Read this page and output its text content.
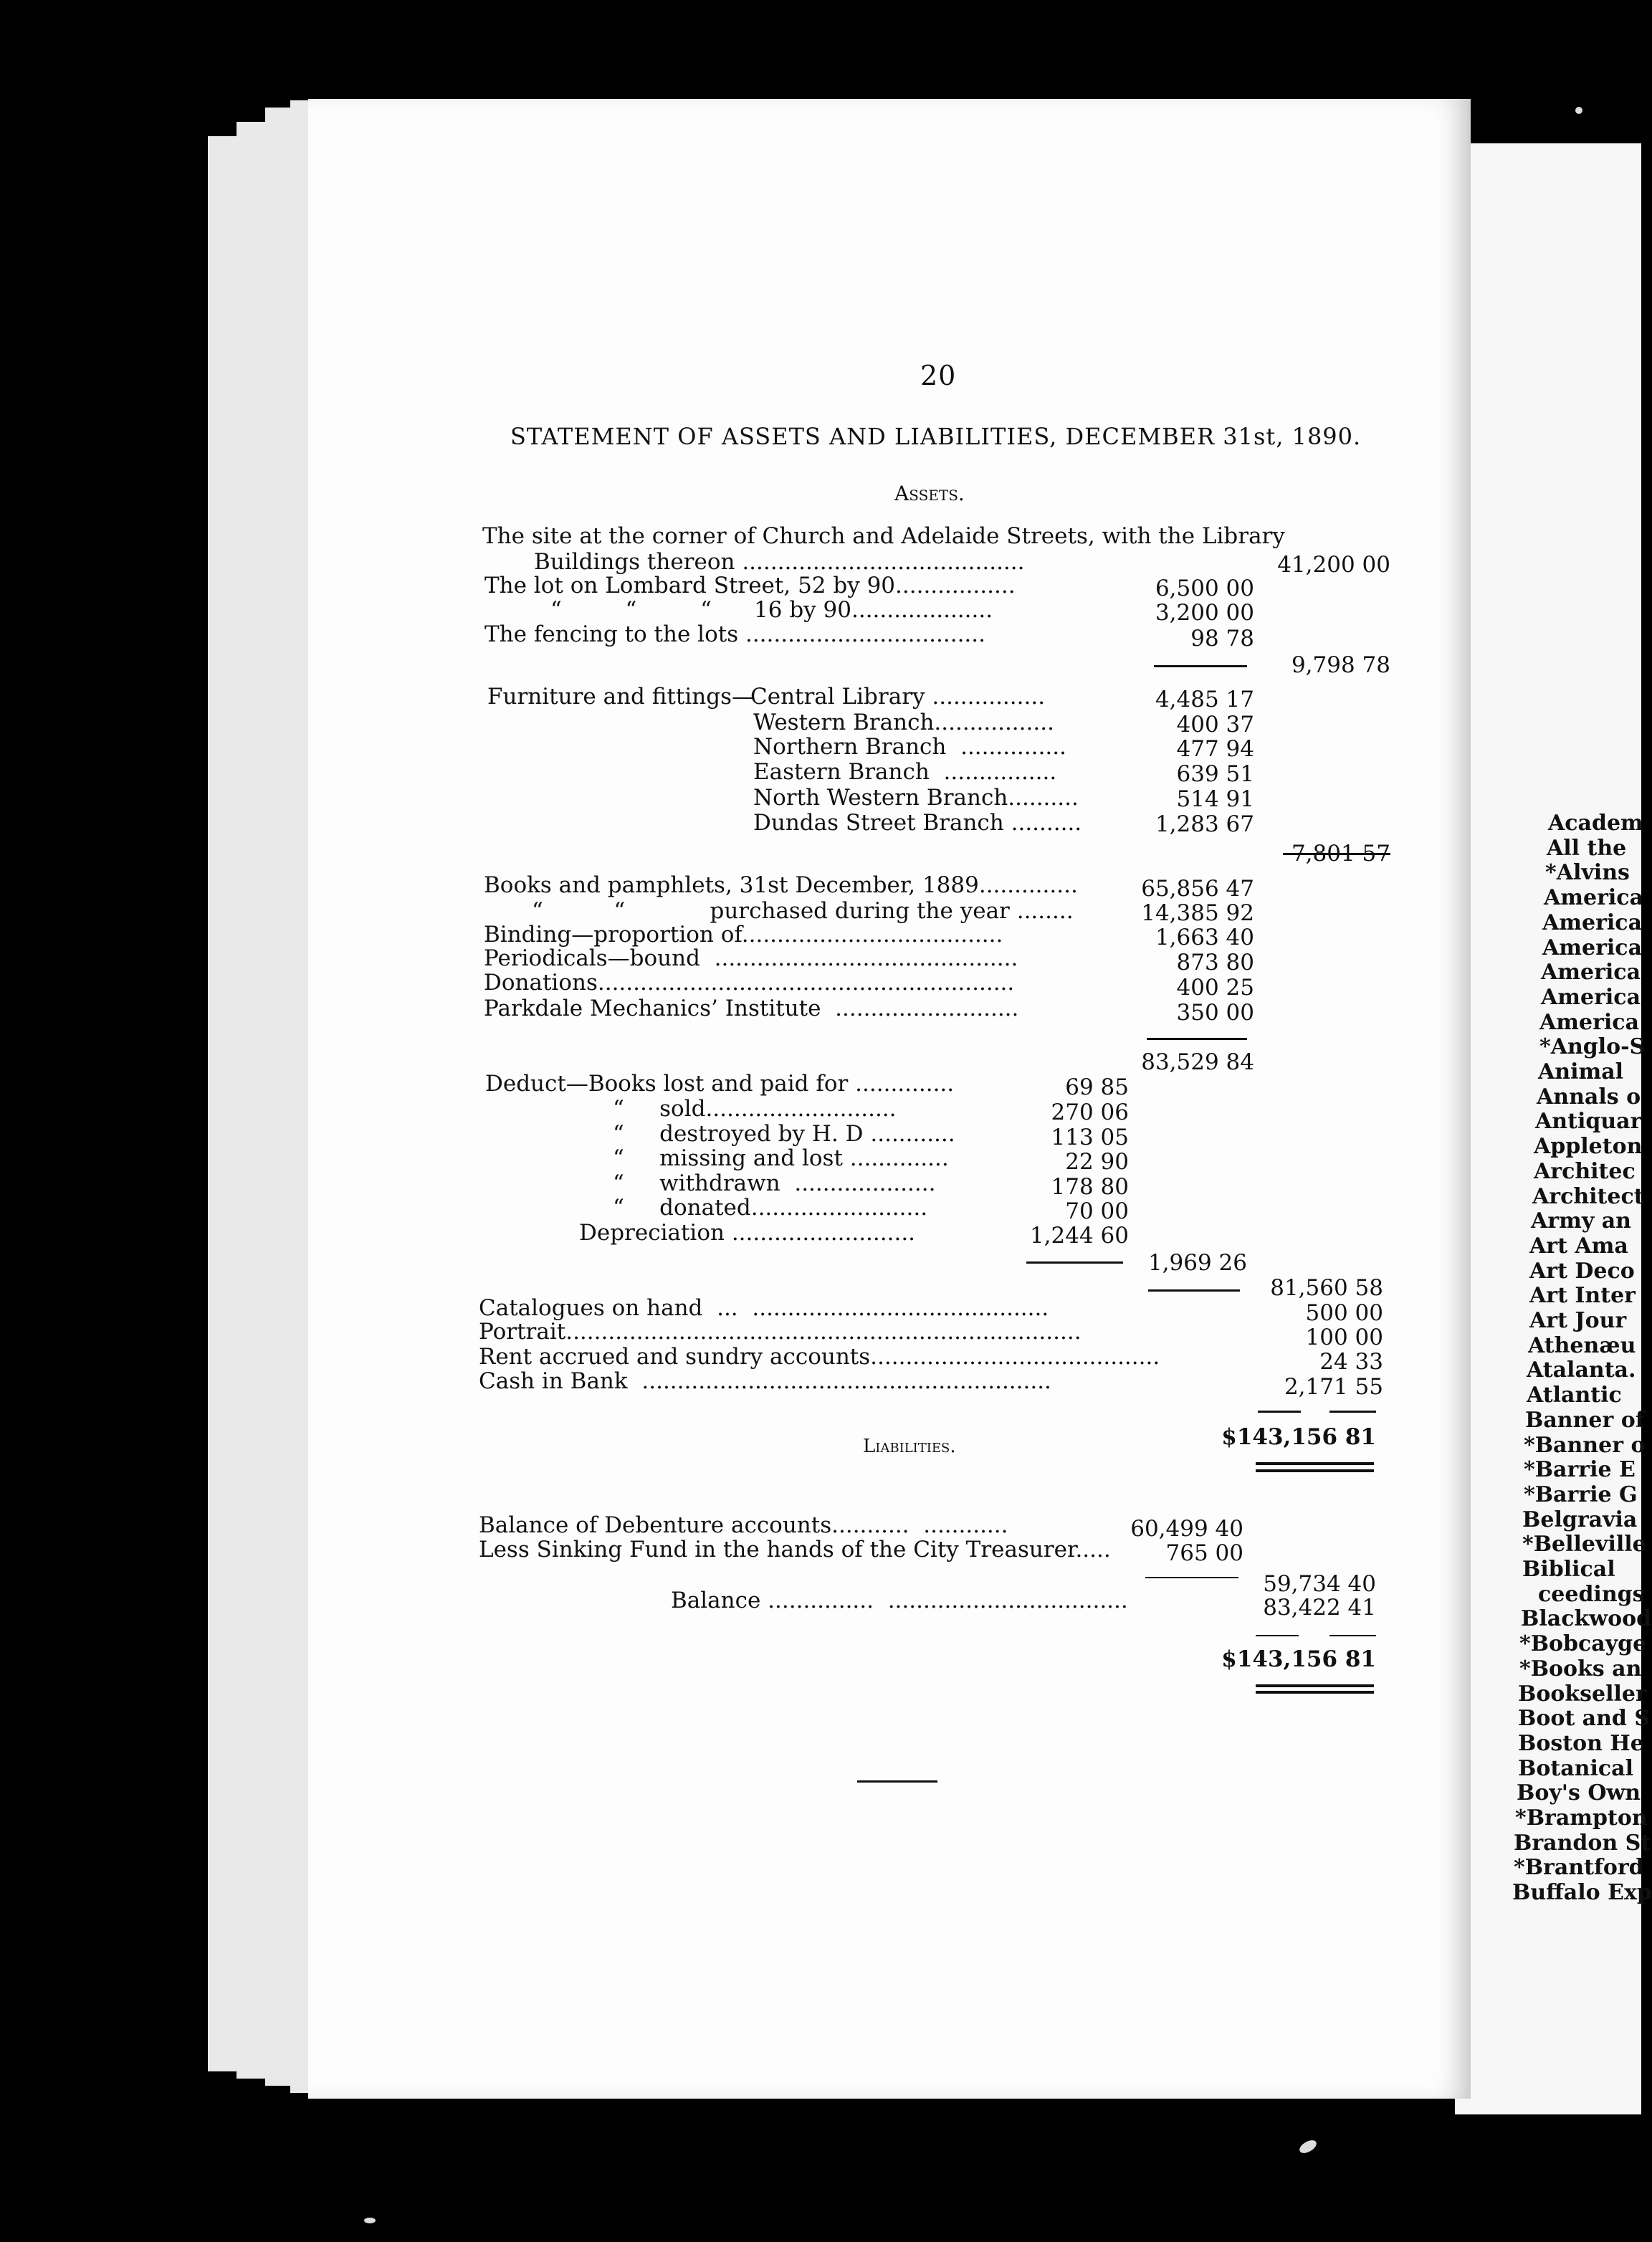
20
STATEMENT OF ASSETS AND LIABILITIES, DECEMBER 31st, 1890.
Assets.
The site at the corner of Church and Adelaide Streets, with the Library
Buildings thereon ........................................	41,200 00
The lot on Lombard Street, 52 by 90.................	6,500 00
“         “         “      16 by 90....................	3,200 00
The fencing to the lots ..................................	98 78
9,798 78
Furniture and fittings—
Central Library ................	4,485 17
Western Branch.................	400 37
Northern Branch  ...............	477 94
Eastern Branch  ................	639 51
North Western Branch..........	514 91
Dundas Street Branch ..........	1,283 67
7,801 57
Books and pamphlets, 31st December, 1889..............	65,856 47
“          “            purchased during the year ........	14,385 92
Binding—proportion of.....................................	1,663 40
Periodicals—bound  ...........................................	873 80
Donations...........................................................	400 25
Parkdale Mechanics’ Institute  ..........................	350 00
83,529 84
Deduct—Books lost and paid for ..............	69 85
“     sold...........................	270 06
“     destroyed by H. D ............	113 05
“     missing and lost ..............	22 90
“     withdrawn  ....................	178 80
“     donated.........................	70 00
Depreciation ..........................	1,244 60
1,969 26
81,560 58
Catalogues on hand  ...  ..........................................	500 00
Portrait.........................................................................	100 00
Rent accrued and sundry accounts.........................................	24 33
Cash in Bank  ..........................................................	2,171 55
$143,156 81
Liabilities.
Balance of Debenture accounts...........  ............	60,499 40
Less Sinking Fund in the hands of the City Treasurer.....	765 00
59,734 40
Balance ...............  ..................................	83,422 41
$143,156 81
Academ
All the
*Alvins
America
America
America
America
America
America
*Anglo-S
Animal
Annals o
Antiquar
Appleton
Architec
Architect
Army an
Art Ama
Art Deco
Art Inter
Art Jour
Athenæu
Atalanta.
Atlantic
Banner of
*Banner o
*Barrie E
*Barrie G
Belgravia
*Belleville
Biblical
ceedings
Blackwood
*Bobcayge
*Books an
Bookseller
Boot and S
Boston He
Botanical
Boy's Own
*Brampton
Brandon St
*Brantford
Buffalo Exp
